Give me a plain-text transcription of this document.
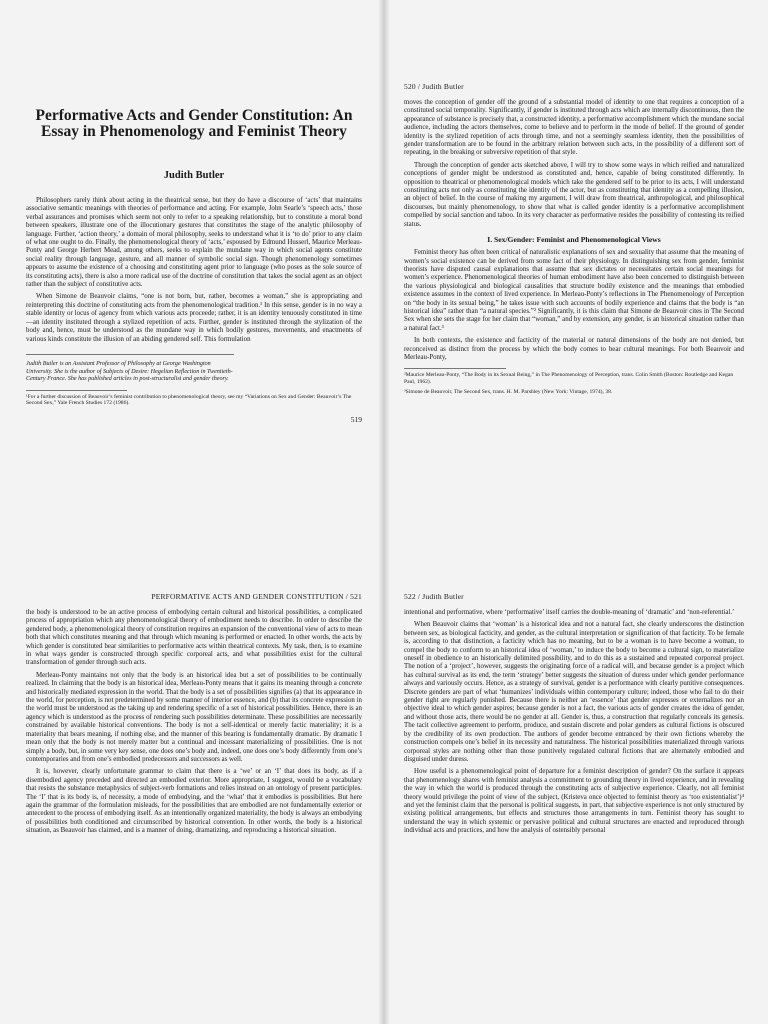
Performative Acts and Gender Constitution: An Essay in Phenomenology and Feminist Theory
Judith Butler

Philosophers rarely think about acting in the theatrical sense, but they do have a discourse of ‘acts’ that maintains associative semantic meanings with theories of performance and acting. For example, John Searle’s ‘speech acts,’ those verbal assurances and promises which seem not only to refer to a speaking relationship, but to constitute a moral bond between speakers, illustrate one of the illocutionary gestures that constitutes the stage of the analytic philosophy of language. Further, ‘action theory,’ a domain of moral philosophy, seeks to understand what it is ‘to do’ prior to any claim of what one ought to do. Finally, the phenomenological theory of ‘acts,’ espoused by Edmund Husserl, Maurice Merleau-Ponty and George Herbert Mead, among others, seeks to explain the mundane way in which social agents constitute social reality through language, gesture, and all manner of symbolic social sign. Though phenomenology sometimes appears to assume the existence of a choosing and constituting agent prior to language (who poses as the sole source of its constituting acts), there is also a more radical use of the doctrine of constitution that takes the social agent as an object rather than the subject of constitutive acts.

When Simone de Beauvoir claims, “one is not born, but, rather, becomes a woman,” she is appropriating and reinterpreting this doctrine of constituting acts from the phenomenological tradition.¹ In this sense, gender is in no way a stable identity or locus of agency from which various acts proceede; rather, it is an identity tenuously constituted in time—an identity instituted through a stylized repetition of acts. Further, gender is instituted through the stylization of the body and, hence, must be understood as the mundane way in which bodily gestures, movements, and enactments of various kinds constitute the illusion of an abiding gendered self. This formulation

Judith Butler is an Assistant Professor of Philosophy at George Washington University. She is the author of Subjects of Desire: Hegelian Reflection in Twentieth-Century France. She has published articles in post-structuralist and gender theory.

¹For a further discussion of Beauvoir’s feminist contribution to phenomenological theory, see my “Variations on Sex and Gender: Beauvoir’s The Second Sex,” Yale French Studies 172 (1986).

519
520 / Judith Butler

moves the conception of gender off the ground of a substantial model of identity to one that requires a conception of a constituted social temporality. Significantly, if gender is instituted through acts which are internally discontinuous, then the appearance of substance is precisely that, a constructed identity, a performative accomplishment which the mundane social audience, including the actors themselves, come to believe and to perform in the mode of belief. If the ground of gender identity is the stylized repetition of acts through time, and not a seemingly seamless identity, then the possibilities of gender transformation are to be found in the arbitrary relation between such acts, in the possibility of a different sort of repeating, in the breaking or subversive repetition of that style.

Through the conception of gender acts sketched above, I will try to show some ways in which reified and naturalized conceptions of gender might be understood as constituted and, hence, capable of being constituted differently. In opposition to theatrical or phenomenological models which take the gendered self to be prior to its acts, I will understand constituting acts not only as constituting the identity of the actor, but as constituting that identity as a compelling illusion, an object of belief. In the course of making my argument, I will draw from theatrical, anthropological, and philosophical discourses, but mainly phenomenology, to show that what is called gender identity is a performative accomplishment compelled by social sanction and taboo. In its very character as performative resides the possibility of contesting its reified status.

I. Sex/Gender: Feminist and Phenomenological Views

Feminist theory has often been critical of naturalistic explanations of sex and sexuality that assume that the meaning of women’s social existence can be derived from some fact of their physiology. In distinguishing sex from gender, feminist theorists have disputed causal explanations that assume that sex dictates or necessitates certain social meanings for women’s experience. Phenomenological theories of human embodiment have also been concerned to distinguish between the various physiological and biological causalities that structure bodily existence and the meanings that embodied existence assumes in the context of lived experience. In Merleau-Ponty’s reflections in The Phenomenology of Perception on “the body in its sexual being,” he takes issue with such accounts of bodily experience and claims that the body is “an historical idea” rather than “a natural species.”² Significantly, it is this claim that Simone de Beauvoir cites in The Second Sex when she sets the stage for her claim that “woman,” and by extension, any gender, is an historical situation rather than a natural fact.³

In both contexts, the existence and facticity of the material or natural dimensions of the body are not denied, but reconceived as distinct from the process by which the body comes to bear cultural meanings. For both Beauvoir and Merleau-Ponty,

²Maurice Merleau-Ponty, “The Body in its Sexual Being,” in The Phenomenology of Perception, trans. Colin Smith (Boston: Routledge and Kegan Paul, 1962).

³Simone de Beauvoir, The Second Sex, trans. H. M. Parshley (New York: Vintage, 1974), 38.

PERFORMATIVE ACTS AND GENDER CONSTITUTION / 521

the body is understood to be an active process of embodying certain cultural and historical possibilities, a complicated process of appropriation which any phenomenological theory of embodiment needs to describe. In order to describe the gendered body, a phenomenological theory of constitution requires an expansion of the conventional view of acts to mean both that which constitutes meaning and that through which meaning is performed or enacted. In other words, the acts by which gender is constituted bear similarities to performative acts within theatrical contexts. My task, then, is to examine in what ways gender is constructed through specific corporeal acts, and what possibilities exist for the cultural transformation of gender through such acts.

Merleau-Ponty maintains not only that the body is an historical idea but a set of possibilities to be continually realized. In claiming that the body is an historical idea, Merleau-Ponty means that it gains its meaning through a concrete and historically mediated expression in the world. That the body is a set of possibilities signifies (a) that its appearance in the world, for perception, is not predetermined by some manner of interior essence, and (b) that its concrete expression in the world must be understood as the taking up and rendering specific of a set of historical possibilities. Hence, there is an agency which is understood as the process of rendering such possibilities determinate. These possibilities are necessarily constrained by available historical conventions. The body is not a self-identical or merely factic materiality; it is a materiality that bears meaning, if nothing else, and the manner of this bearing is fundamentally dramatic. By dramatic I mean only that the body is not merely matter but a continual and incessant materializing of possibilities. One is not simply a body, but, in some very key sense, one does one’s body and, indeed, one does one’s body differently from one’s contemporaries and from one’s embodied predecessors and successors as well.

It is, however, clearly unfortunate grammar to claim that there is a ‘we’ or an ‘I’ that does its body, as if a disembodied agency preceded and directed an embodied exterior. More appropriate, I suggest, would be a vocabulary that resists the substance metaphysics of subject-verb formations and relies instead on an ontology of present participles. The ‘I’ that is its body is, of necessity, a mode of embodying, and the ‘what’ that it embodies is possibilities. But here again the grammar of the formulation misleads, for the possibilities that are embodied are not fundamentally exterior or antecedent to the process of embodying itself. As an intentionally organized materiality, the body is always an embodying of possibilities both conditioned and circumscribed by historical convention. In other words, the body is a historical situation, as Beauvoir has claimed, and is a manner of doing, dramatizing, and reproducing a historical situation.

522 / Judith Butler

intentional and performative, where ‘performative’ itself carries the double-meaning of ‘dramatic’ and ‘non-referential.’

When Beauvoir claims that ‘woman’ is a historical idea and not a natural fact, she clearly underscores the distinction between sex, as biological facticity, and gender, as the cultural interpretation or signification of that facticity. To be female is, according to that distinction, a facticity which has no meaning, but to be a woman is to have become a woman, to compel the body to conform to an historical idea of ‘woman,’ to induce the body to become a cultural sign, to materialize oneself in obedience to an historically delimited possibility, and to do this as a sustained and repeated corporeal project. The notion of a ‘project’, however, suggests the originating force of a radical will, and because gender is a project which has cultural survival as its end, the term ‘strategy’ better suggests the situation of duress under which gender performance always and variously occurs. Hence, as a strategy of survival, gender is a performance with clearly punitive consequences. Discrete genders are part of what ‘humanizes’ individuals within contemporary culture; indeed, those who fail to do their gender right are regularly punished. Because there is neither an ‘essence’ that gender expresses or externalizes nor an objective ideal to which gender aspires; because gender is not a fact, the various acts of gender creates the idea of gender, and without those acts, there would be no gender at all. Gender is, thus, a construction that regularly conceals its genesis. The tacit collective agreement to perform, produce, and sustain discrete and polar genders as cultural fictions is obscured by the credibility of its own production. The authors of gender become entranced by their own fictions whereby the construction compels one’s belief in its necessity and naturalness. The historical possibilities materialized through various corporeal styles are nothing other than those punitively regulated cultural fictions that are alternately embodied and disguised under duress.

How useful is a phenomenological point of departure for a feminist description of gender? On the surface it appears that phenomenology shares with feminist analysis a commitment to grounding theory in lived experience, and in revealing the way in which the world is produced through the constituting acts of subjective experience. Clearly, not all feminist theory would privilege the point of view of the subject, (Kristeva once objected to feminist theory as ‘too existentialist’)⁴ and yet the feminist claim that the personal is political suggests, in part, that subjective experience is not only structured by existing political arrangements, but effects and structures those arrangements in turn. Feminist theory has sought to understand the way in which systemic or pervasive political and cultural structures are enacted and reproduced through individual acts and practices, and how the analysis of ostensibly personal
